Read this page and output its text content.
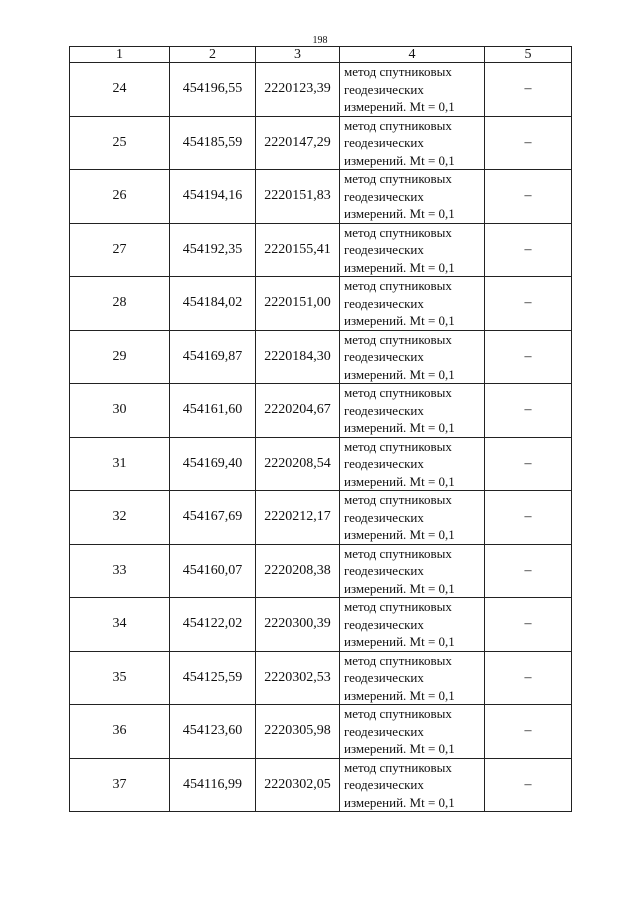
198
1	2	3	4	5
24	454196,55	2220123,39	метод спутниковых
геодезических
измерений. Mt = 0,1	–
25	454185,59	2220147,29	метод спутниковых
геодезических
измерений. Mt = 0,1	–
26	454194,16	2220151,83	метод спутниковых
геодезических
измерений. Mt = 0,1	–
27	454192,35	2220155,41	метод спутниковых
геодезических
измерений. Mt = 0,1	–
28	454184,02	2220151,00	метод спутниковых
геодезических
измерений. Mt = 0,1	–
29	454169,87	2220184,30	метод спутниковых
геодезических
измерений. Mt = 0,1	–
30	454161,60	2220204,67	метод спутниковых
геодезических
измерений. Mt = 0,1	–
31	454169,40	2220208,54	метод спутниковых
геодезических
измерений. Mt = 0,1	–
32	454167,69	2220212,17	метод спутниковых
геодезических
измерений. Mt = 0,1	–
33	454160,07	2220208,38	метод спутниковых
геодезических
измерений. Mt = 0,1	–
34	454122,02	2220300,39	метод спутниковых
геодезических
измерений. Mt = 0,1	–
35	454125,59	2220302,53	метод спутниковых
геодезических
измерений. Mt = 0,1	–
36	454123,60	2220305,98	метод спутниковых
геодезических
измерений. Mt = 0,1	–
37	454116,99	2220302,05	метод спутниковых
геодезических
измерений. Mt = 0,1	–
